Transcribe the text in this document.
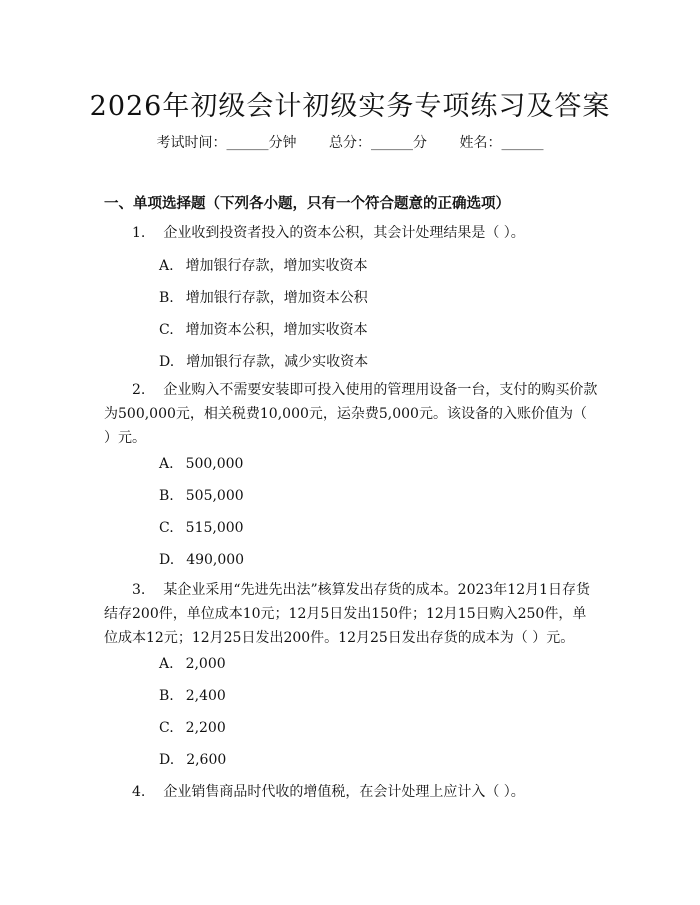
2026年初级会计初级实务专项练习及答案
考试时间：______分钟 总分：______分 姓名：______
一、单项选择题（下列各小题，只有一个符合题意的正确选项）
1. 企业收到投资者投入的资本公积，其会计处理结果是（ ）。
A. 增加银行存款，增加实收资本
B. 增加银行存款，增加资本公积
C. 增加资本公积，增加实收资本
D. 增加银行存款，减少实收资本
2. 企业购入不需要安装即可投入使用的管理用设备一台，支付的购买价款为500,000元，相关税费10,000元，运杂费5,000元。该设备的入账价值为（ ）元。
A. 500,000
B. 505,000
C. 515,000
D. 490,000
3. 某企业采用“先进先出法”核算发出存货的成本。2023年12月1日存货结存200件，单位成本10元；12月5日发出150件；12月15日购入250件，单位成本12元；12月25日发出200件。12月25日发出存货的成本为（ ）元。
A. 2,000
B. 2,400
C. 2,200
D. 2,600
4. 企业销售商品时代收的增值税，在会计处理上应计入（ ）。
